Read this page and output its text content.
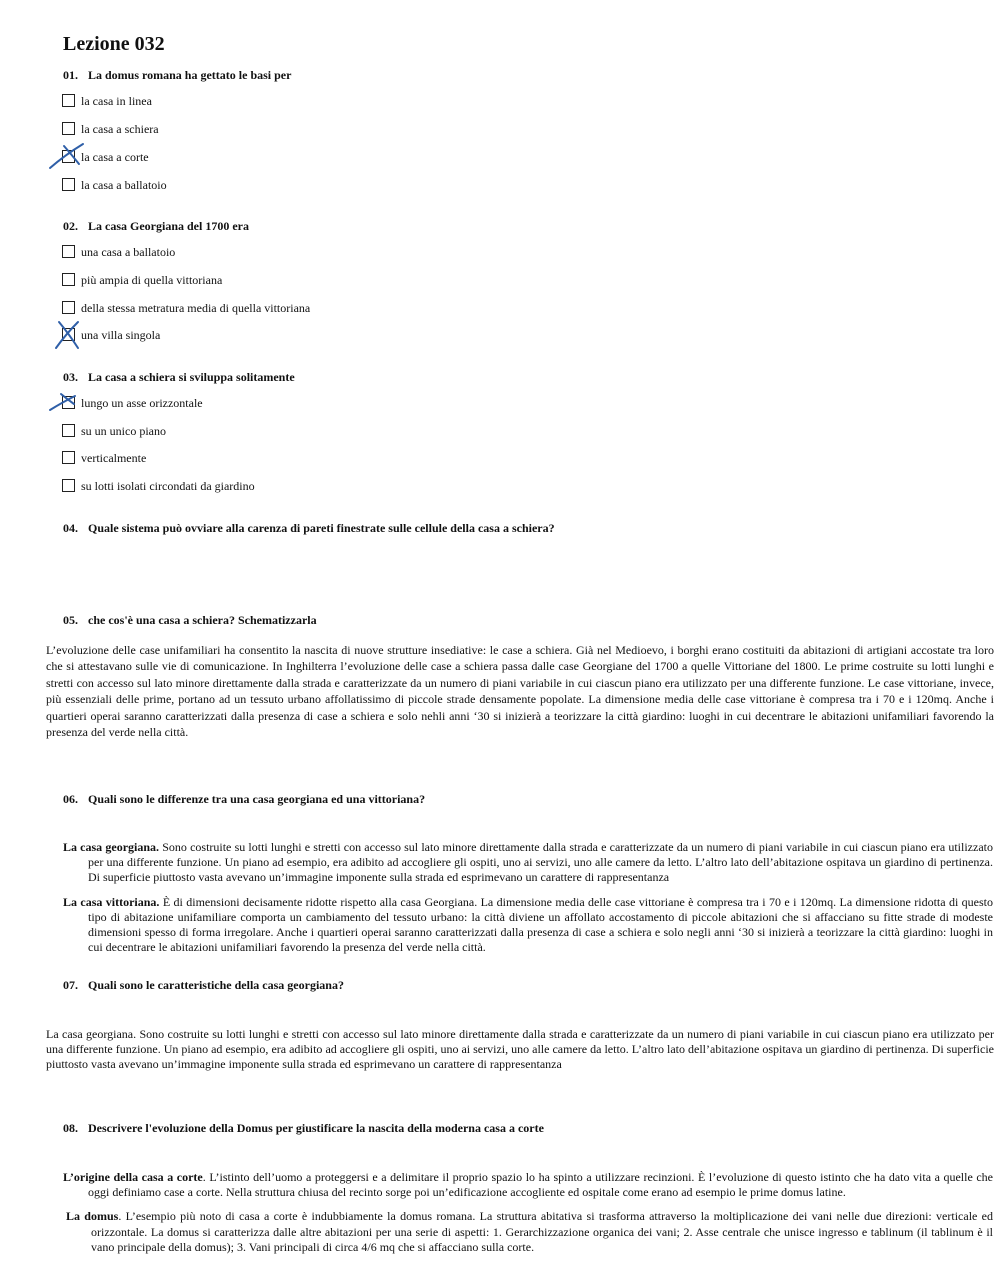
Lezione 032
01. La domus romana ha gettato le basi per
la casa in linea
la casa a schiera
la casa a corte
la casa a ballatoio
02. La casa Georgiana del 1700 era
una casa a ballatoio
più ampia di quella vittoriana
della stessa metratura media di quella vittoriana
una villa singola
03. La casa a schiera si sviluppa solitamente
lungo un asse orizzontale
su un unico piano
verticalmente
su lotti isolati circondati da giardino
04. Quale sistema può ovviare alla carenza di pareti finestrate sulle cellule della casa a schiera?
05. che cos'è una casa a schiera? Schematizzarla

L’evoluzione delle case unifamiliari ha consentito la nascita di nuove strutture insediative: le case a schiera. Già nel Medioevo, i borghi erano costituiti da abitazioni di artigiani accostate tra loro che si attestavano sulle vie di comunicazione. In Inghilterra l’evoluzione delle case a schiera passa dalle case Georgiane del 1700 a quelle Vittoriane del 1800. Le prime costruite su lotti lunghi e stretti con accesso sul lato minore direttamente dalla strada e caratterizzate da un numero di piani variabile in cui ciascun piano era utilizzato per una differente funzione. Le case vittoriane, invece, più essenziali delle prime, portano ad un tessuto urbano affollatissimo di piccole strade densamente popolate. La dimensione media delle case vittoriane è compresa tra i 70 e i 120mq. Anche i quartieri operai saranno caratterizzati dalla presenza di case a schiera e solo nehli anni ‘30 si inizierà a teorizzare la città giardino: luoghi in cui decentrare le abitazioni unifamiliari favorendo la presenza del verde nella città.

06. Quali sono le differenze tra una casa georgiana ed una vittoriana?

La casa georgiana. Sono costruite su lotti lunghi e stretti con accesso sul lato minore direttamente dalla strada e caratterizzate da un numero di piani variabile in cui ciascun piano era utilizzato per una differente funzione. Un piano ad esempio, era adibito ad accogliere gli ospiti, uno ai servizi, uno alle camere da letto. L’altro lato dell’abitazione ospitava un giardino di pertinenza. Di superficie piuttosto vasta avevano un’immagine imponente sulla strada ed esprimevano un carattere di rappresentanza

La casa vittoriana. È di dimensioni decisamente ridotte rispetto alla casa Georgiana. La dimensione media delle case vittoriane è compresa tra i 70 e i 120mq. La dimensione ridotta di questo tipo di abitazione unifamiliare comporta un cambiamento del tessuto urbano: la città diviene un affollato accostamento di piccole abitazioni che si affacciano su fitte strade di modeste dimensioni spesso di forma irregolare. Anche i quartieri operai saranno caratterizzati dalla presenza di case a schiera e solo negli anni ‘30 si inizierà a teorizzare la città giardino: luoghi in cui decentrare le abitazioni unifamiliari favorendo la presenza del verde nella città.

07. Quali sono le caratteristiche della casa georgiana?

La casa georgiana. Sono costruite su lotti lunghi e stretti con accesso sul lato minore direttamente dalla strada e caratterizzate da un numero di piani variabile in cui ciascun piano era utilizzato per una differente funzione. Un piano ad esempio, era adibito ad accogliere gli ospiti, uno ai servizi, uno alle camere da letto. L’altro lato dell’abitazione ospitava un giardino di pertinenza. Di superficie piuttosto vasta avevano un’immagine imponente sulla strada ed esprimevano un carattere di rappresentanza

08. Descrivere l'evoluzione della Domus per giustificare la nascita della moderna casa a corte

L’origine della casa a corte. L’istinto dell’uomo a proteggersi e a delimitare il proprio spazio lo ha spinto a utilizzare recinzioni. È l’evoluzione di questo istinto che ha dato vita a quelle che oggi definiamo case a corte. Nella struttura chiusa del recinto sorge poi un’edificazione accogliente ed ospitale come erano ad esempio le prime domus latine.

La domus. L’esempio più noto di casa a corte è indubbiamente la domus romana. La struttura abitativa si trasforma attraverso la moltiplicazione dei vani nelle due direzioni: verticale ed orizzontale. La domus si caratterizza dalle altre abitazioni per una serie di aspetti: 1. Gerarchizzazione organica dei vani; 2. Asse centrale che unisce ingresso e tablinum (il tablinum è il vano principale della domus); 3. Vani principali di circa 4/6 mq che si affacciano sulla corte.
